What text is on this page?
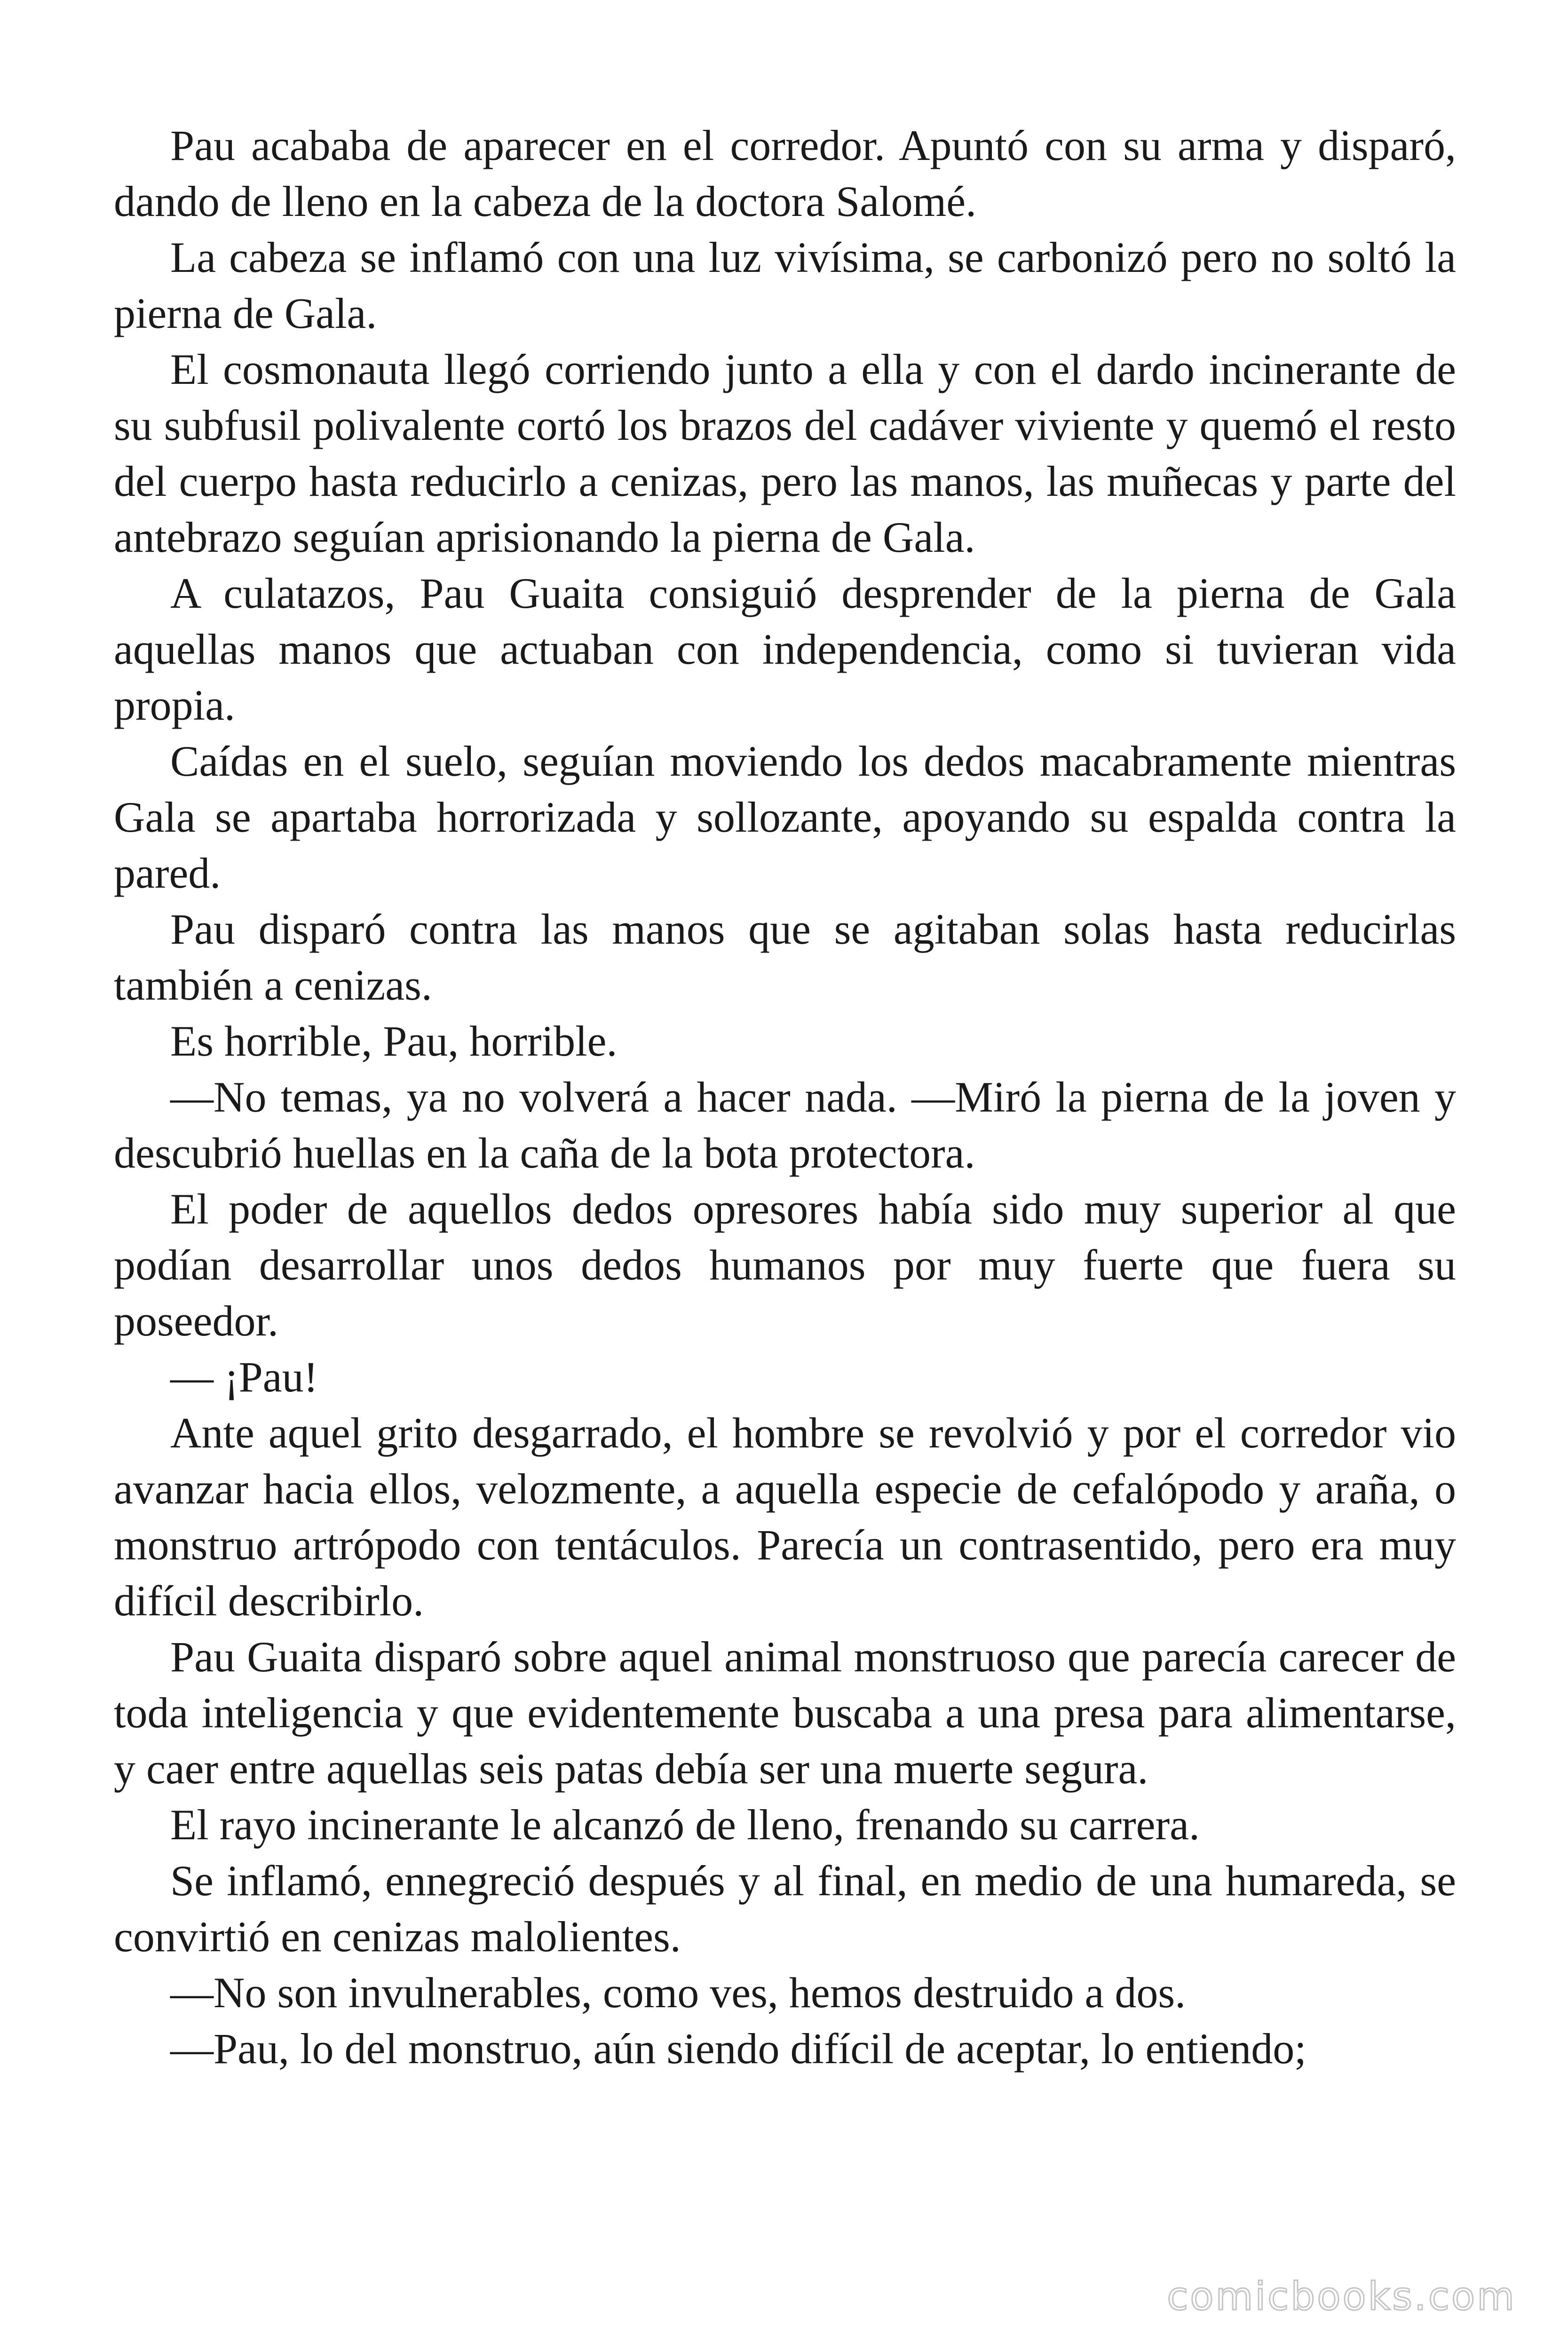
Pau acababa de aparecer en el corredor. Apuntó con su arma y disparó, dando de lleno en la cabeza de la doctora Salomé.

La cabeza se inflamó con una luz vivísima, se carbonizó pero no soltó la pierna de Gala.

El cosmonauta llegó corriendo junto a ella y con el dardo incinerante de su subfusil polivalente cortó los brazos del cadáver viviente y quemó el resto del cuerpo hasta reducirlo a cenizas, pero las manos, las muñecas y parte del antebrazo seguían aprisionando la pierna de Gala.

A culatazos, Pau Guaita consiguió desprender de la pierna de Gala aquellas manos que actuaban con independencia, como si tuvieran vida propia.

Caídas en el suelo, seguían moviendo los dedos macabramente mientras Gala se apartaba horrorizada y sollozante, apoyando su espalda contra la pared.

Pau disparó contra las manos que se agitaban solas hasta reducirlas también a cenizas.

Es horrible, Pau, horrible.

—No temas, ya no volverá a hacer nada. —Miró la pierna de la joven y descubrió huellas en la caña de la bota protectora.

El poder de aquellos dedos opresores había sido muy superior al que podían desarrollar unos dedos humanos por muy fuerte que fuera su poseedor.

— ¡Pau!

Ante aquel grito desgarrado, el hombre se revolvió y por el corredor vio avanzar hacia ellos, velozmente, a aquella especie de cefalópodo y araña, o monstruo artrópodo con tentáculos. Parecía un contrasentido, pero era muy difícil describirlo.

Pau Guaita disparó sobre aquel animal monstruoso que parecía carecer de toda inteligencia y que evidentemente buscaba a una presa para alimentarse, y caer entre aquellas seis patas debía ser una muerte segura.

El rayo incinerante le alcanzó de lleno, frenando su carrera.

Se inflamó, ennegreció después y al final, en medio de una humareda, se convirtió en cenizas malolientes.

—No son invulnerables, como ves, hemos destruido a dos.

—Pau, lo del monstruo, aún siendo difícil de aceptar, lo entiendo;

comicbooks.com
